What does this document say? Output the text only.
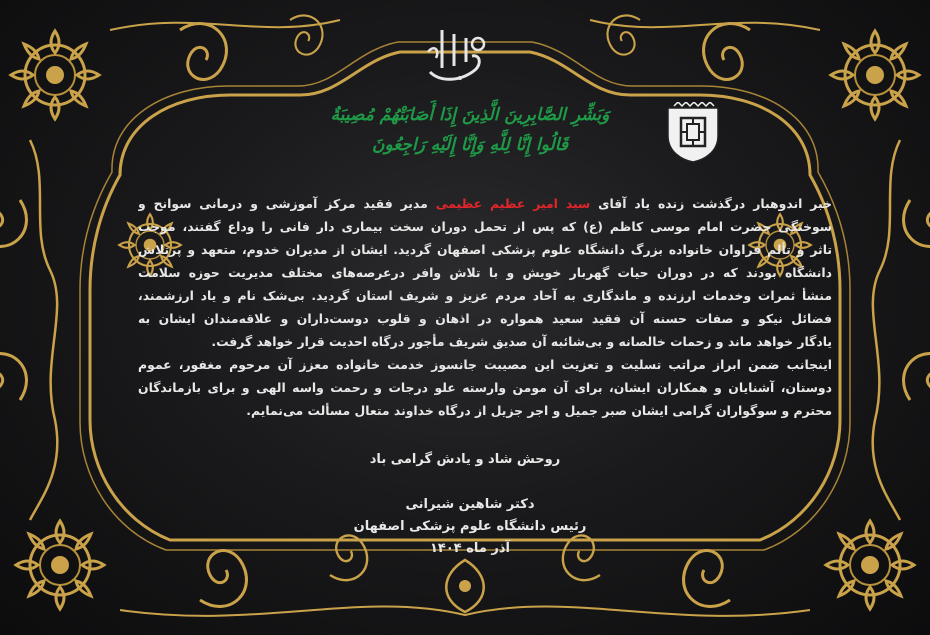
وَبَشِّرِ الصَّابِرِينَ الَّذِينَ إِذَا أَصَابَتْهُمْ مُصِيبَةٌ
قَالُوا إِنَّا لِلَّهِ وَإِنَّا إِلَيْهِ رَاجِعُونَ
خبر اندوهبار درگذشت زنده یاد آقای سید امیر عظیم عظیمی مدیر فقید مرکز آموزشی و درمانی سوانح و
سوختگی حضرت امام موسی کاظم (ع) که پس از تحمل دوران سخت بیماری دار فانی را وداع گفتند، موجب
تاثر و تألم فراوان خانواده بزرگ دانشگاه علوم پزشکی اصفهان گردید. ایشان از مدیران خدوم، متعهد و پرتلاش
دانشگاه بودند که در دوران حیات گهربار خویش و با تلاش وافر درعرصه‌های مختلف مدیریت حوزه سلامت
منشأ ثمرات وخدمات ارزنده و ماندگاری به آحاد مردم عزیز و شریف استان گردید. بی‌شک نام و یاد ارزشمند،
فضائل نیکو و صفات حسنه آن فقید سعید همواره در اذهان و قلوب دوست‌داران و علاقه‌مندان ایشان به
یادگار خواهد ماند و زحمات خالصانه و بی‌شائبه آن صدیق شریف مأجور درگاه احدیت قرار خواهد گرفت.
اینجانب ضمن ابراز مراتب تسلیت و تعزیت این مصیبت جانسوز خدمت خانواده معزز آن مرحوم مغفور، عموم
دوستان، آشنایان و همکاران ایشان، برای آن مومن وارسته علو درجات و رحمت واسه الهی و برای بازماندگان
محترم و سوگواران گرامی ایشان صبر جمیل و اجر جزیل از درگاه خداوند متعال مسألت می‌نمایم.
روحش شاد و یادش گرامی باد
دکتر شاهین شیرانی
رئیس دانشگاه علوم پزشکی اصفهان
آذر ماه ۱۴۰۴
